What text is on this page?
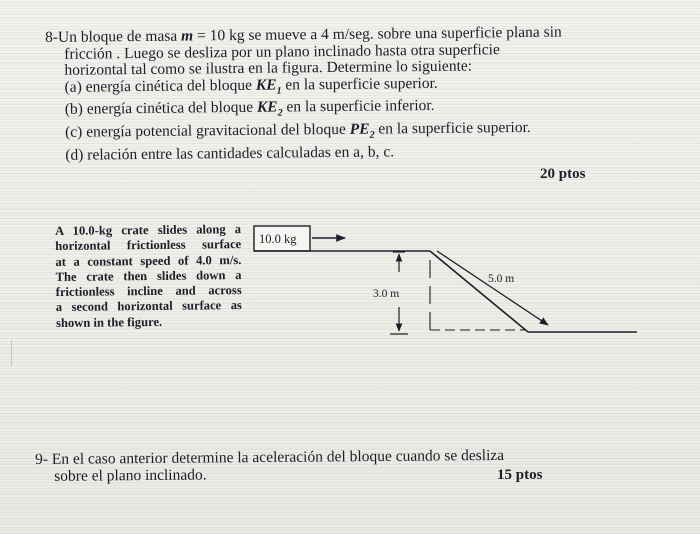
8-Un bloque de masa m = 10 kg se mueve a 4 m/seg. sobre una superficie plana sin
fricción . Luego se desliza por un plano inclinado hasta otra superficie
horizontal tal como se ilustra en la figura. Determine lo siguiente:
(a) energía cinética del bloque $KE_1$ en la superficie superior.
(b) energía cinética del bloque $KE_2$ en la superficie inferior.
(c) energía potencial gravitacional del bloque $PE_2$ en la superficie superior.
(d) relación entre las cantidades calculadas en a, b, c.
20 ptos
A 10.0-kg crate slides along a
horizontal frictionless surface
at a constant speed of 4.0 m/s.
The crate then slides down a
frictionless incline and across
a second horizontal surface as
shown in the figure.
10.0 kg
5.0 m
3.0 m
9- En el caso anterior determine la aceleración del bloque cuando se desliza
sobre el plano inclinado.	15 ptos
